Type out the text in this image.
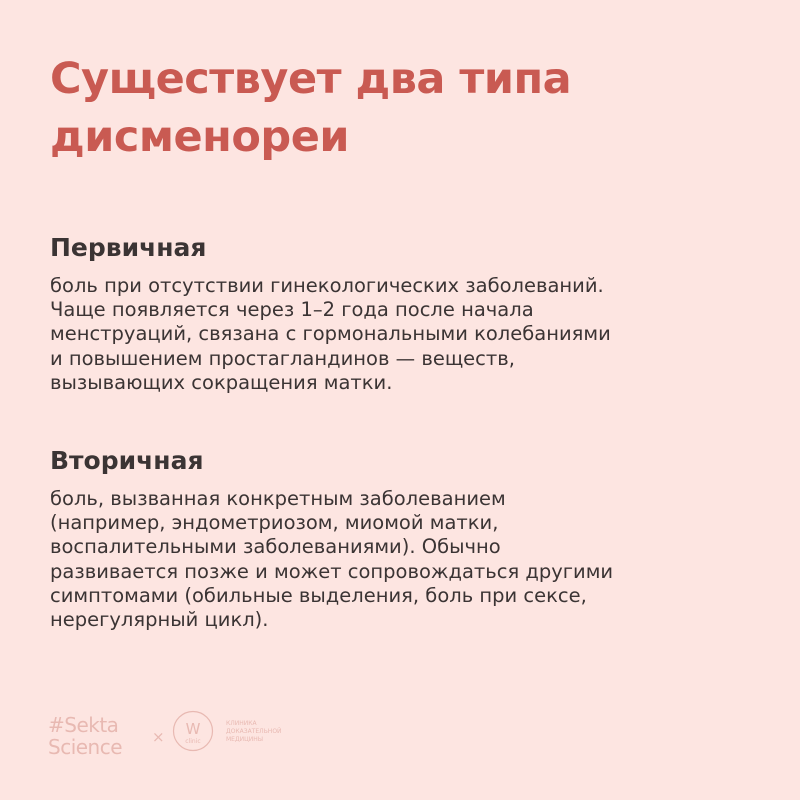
Существует два типа
дисменореи
Первичная
боль при отсутствии гинекологических заболеваний.
Чаще появляется через 1–2 года после начала
менструаций, связана с гормональными колебаниями
и повышением простагландинов — веществ,
вызывающих сокращения матки.
Вторичная
боль, вызванная конкретным заболеванием
(например, эндометриозом, миомой матки,
воспалительными заболеваниями). Обычно
развивается позже и может сопровождаться другими
симптомами (обильные выделения, боль при сексе,
нерегулярный цикл).
#Sekta
Science × W
clinic
КЛИНИКА
ДОКАЗАТЕЛЬНОЙ
МЕДИЦИНЫ
